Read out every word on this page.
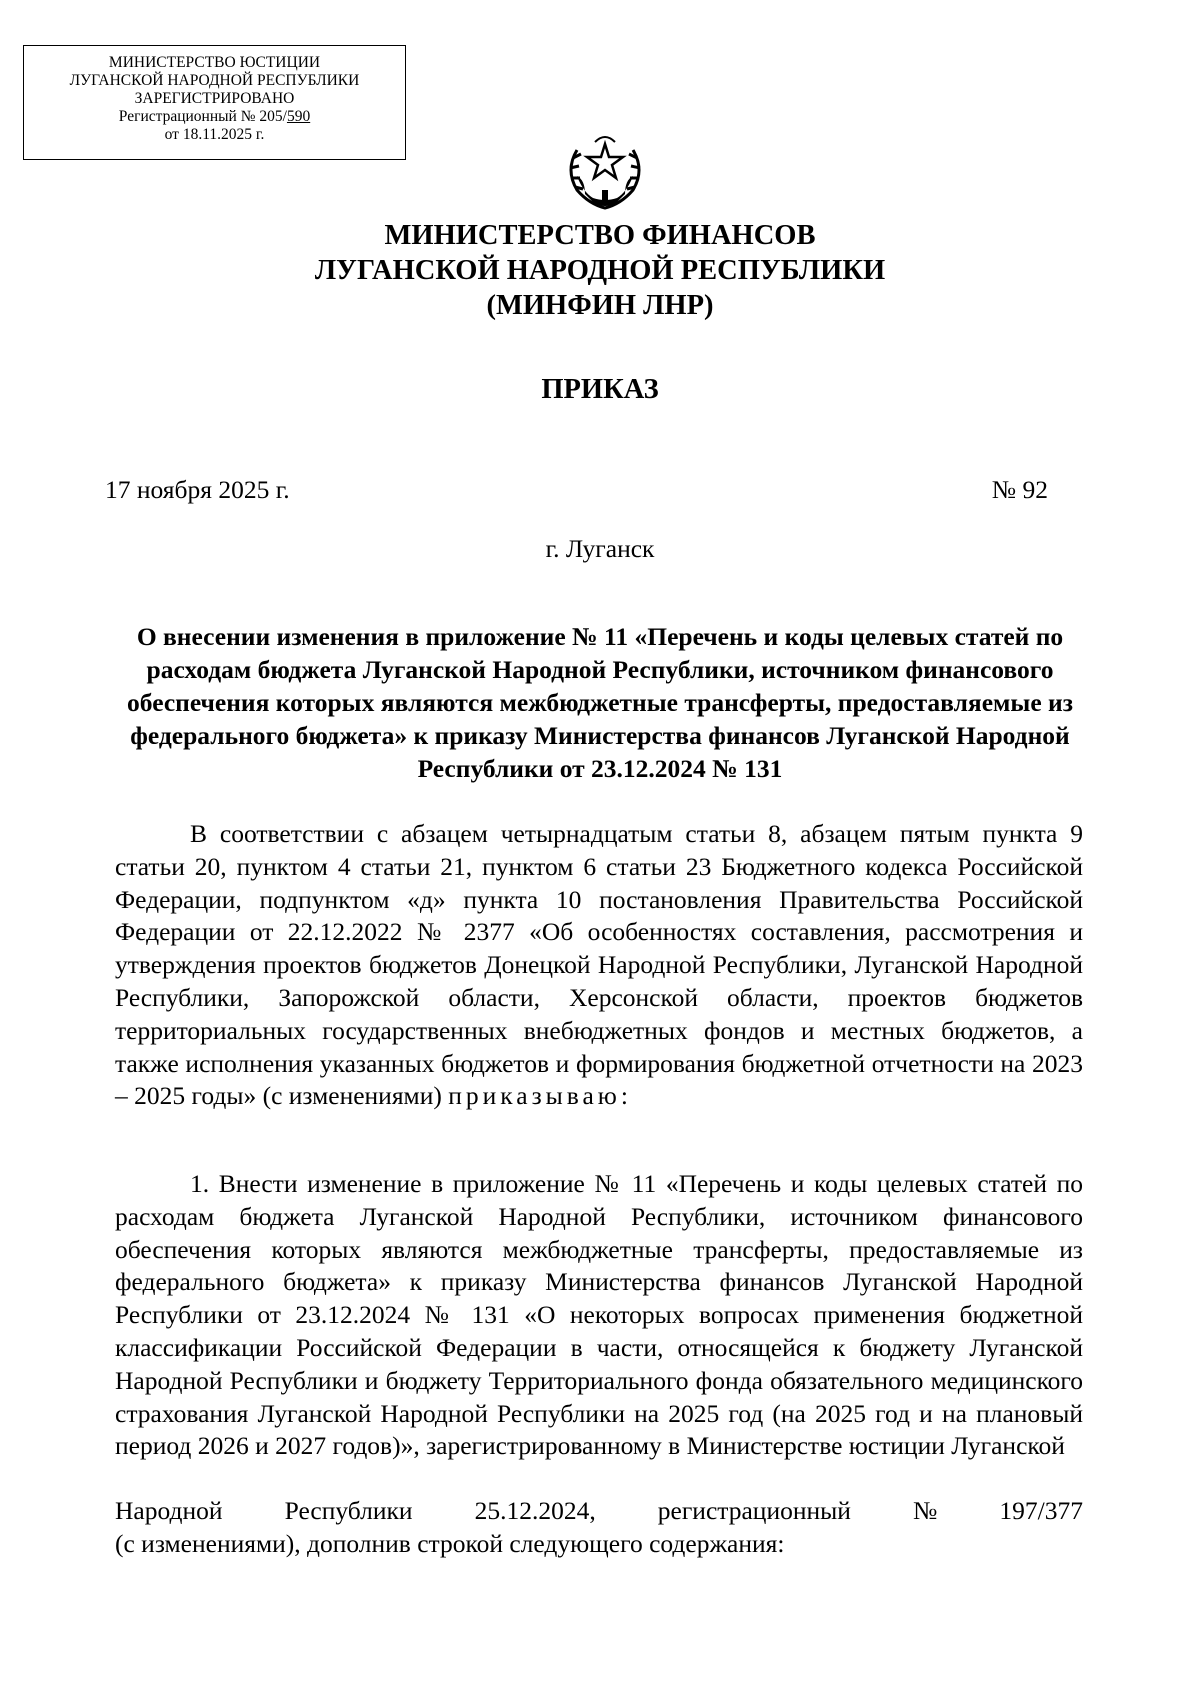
МИНИСТЕРСТВО ЮСТИЦИИ
ЛУГАНСКОЙ НАРОДНОЙ РЕСПУБЛИКИ
ЗАРЕГИСТРИРОВАНО
Регистрационный № 205/590
от 18.11.2025 г.
МИНИСТЕРСТВО ФИНАНСОВ
ЛУГАНСКОЙ НАРОДНОЙ РЕСПУБЛИКИ
(МИНФИН ЛНР)
ПРИКАЗ
17 ноября 2025 г.	№ 92
г. Луганск
О внесении изменения в приложение № 11 «Перечень и коды целевых статей по расходам бюджета Луганской Народной Республики, источником финансового обеспечения которых являются межбюджетные трансферты, предоставляемые из федерального бюджета» к приказу Министерства финансов Луганской Народной Республики от 23.12.2024 № 131
В соответствии с абзацем четырнадцатым статьи 8, абзацем пятым пункта 9 статьи 20, пунктом 4 статьи 21, пунктом 6 статьи 23 Бюджетного кодекса Российской Федерации, подпунктом «д» пункта 10 постановления Правительства Российской Федерации от 22.12.2022 № 2377 «Об особенностях составления, рассмотрения и утверждения проектов бюджетов Донецкой Народной Республики, Луганской Народной Республики, Запорожской области, Херсонской области, проектов бюджетов территориальных государственных внебюджетных фондов и местных бюджетов, а также исполнения указанных бюджетов и формирования бюджетной отчетности на 2023 – 2025 годы» (с изменениями) приказываю:
1. Внести изменение в приложение № 11 «Перечень и коды целевых статей по расходам бюджета Луганской Народной Республики, источником финансового обеспечения которых являются межбюджетные трансферты, предоставляемые из федерального бюджета» к приказу Министерства финансов Луганской Народной Республики от 23.12.2024 № 131 «О некоторых вопросах применения бюджетной классификации Российской Федерации в части, относящейся к бюджету Луганской Народной Республики и бюджету Территориального фонда обязательного медицинского страхования Луганской Народной Республики на 2025 год (на 2025 год и на плановый период 2026 и 2027 годов)», зарегистрированному в Министерстве юстиции Луганской
Народной Республики 25.12.2024, регистрационный № 197/377
(с изменениями), дополнив строкой следующего содержания:
